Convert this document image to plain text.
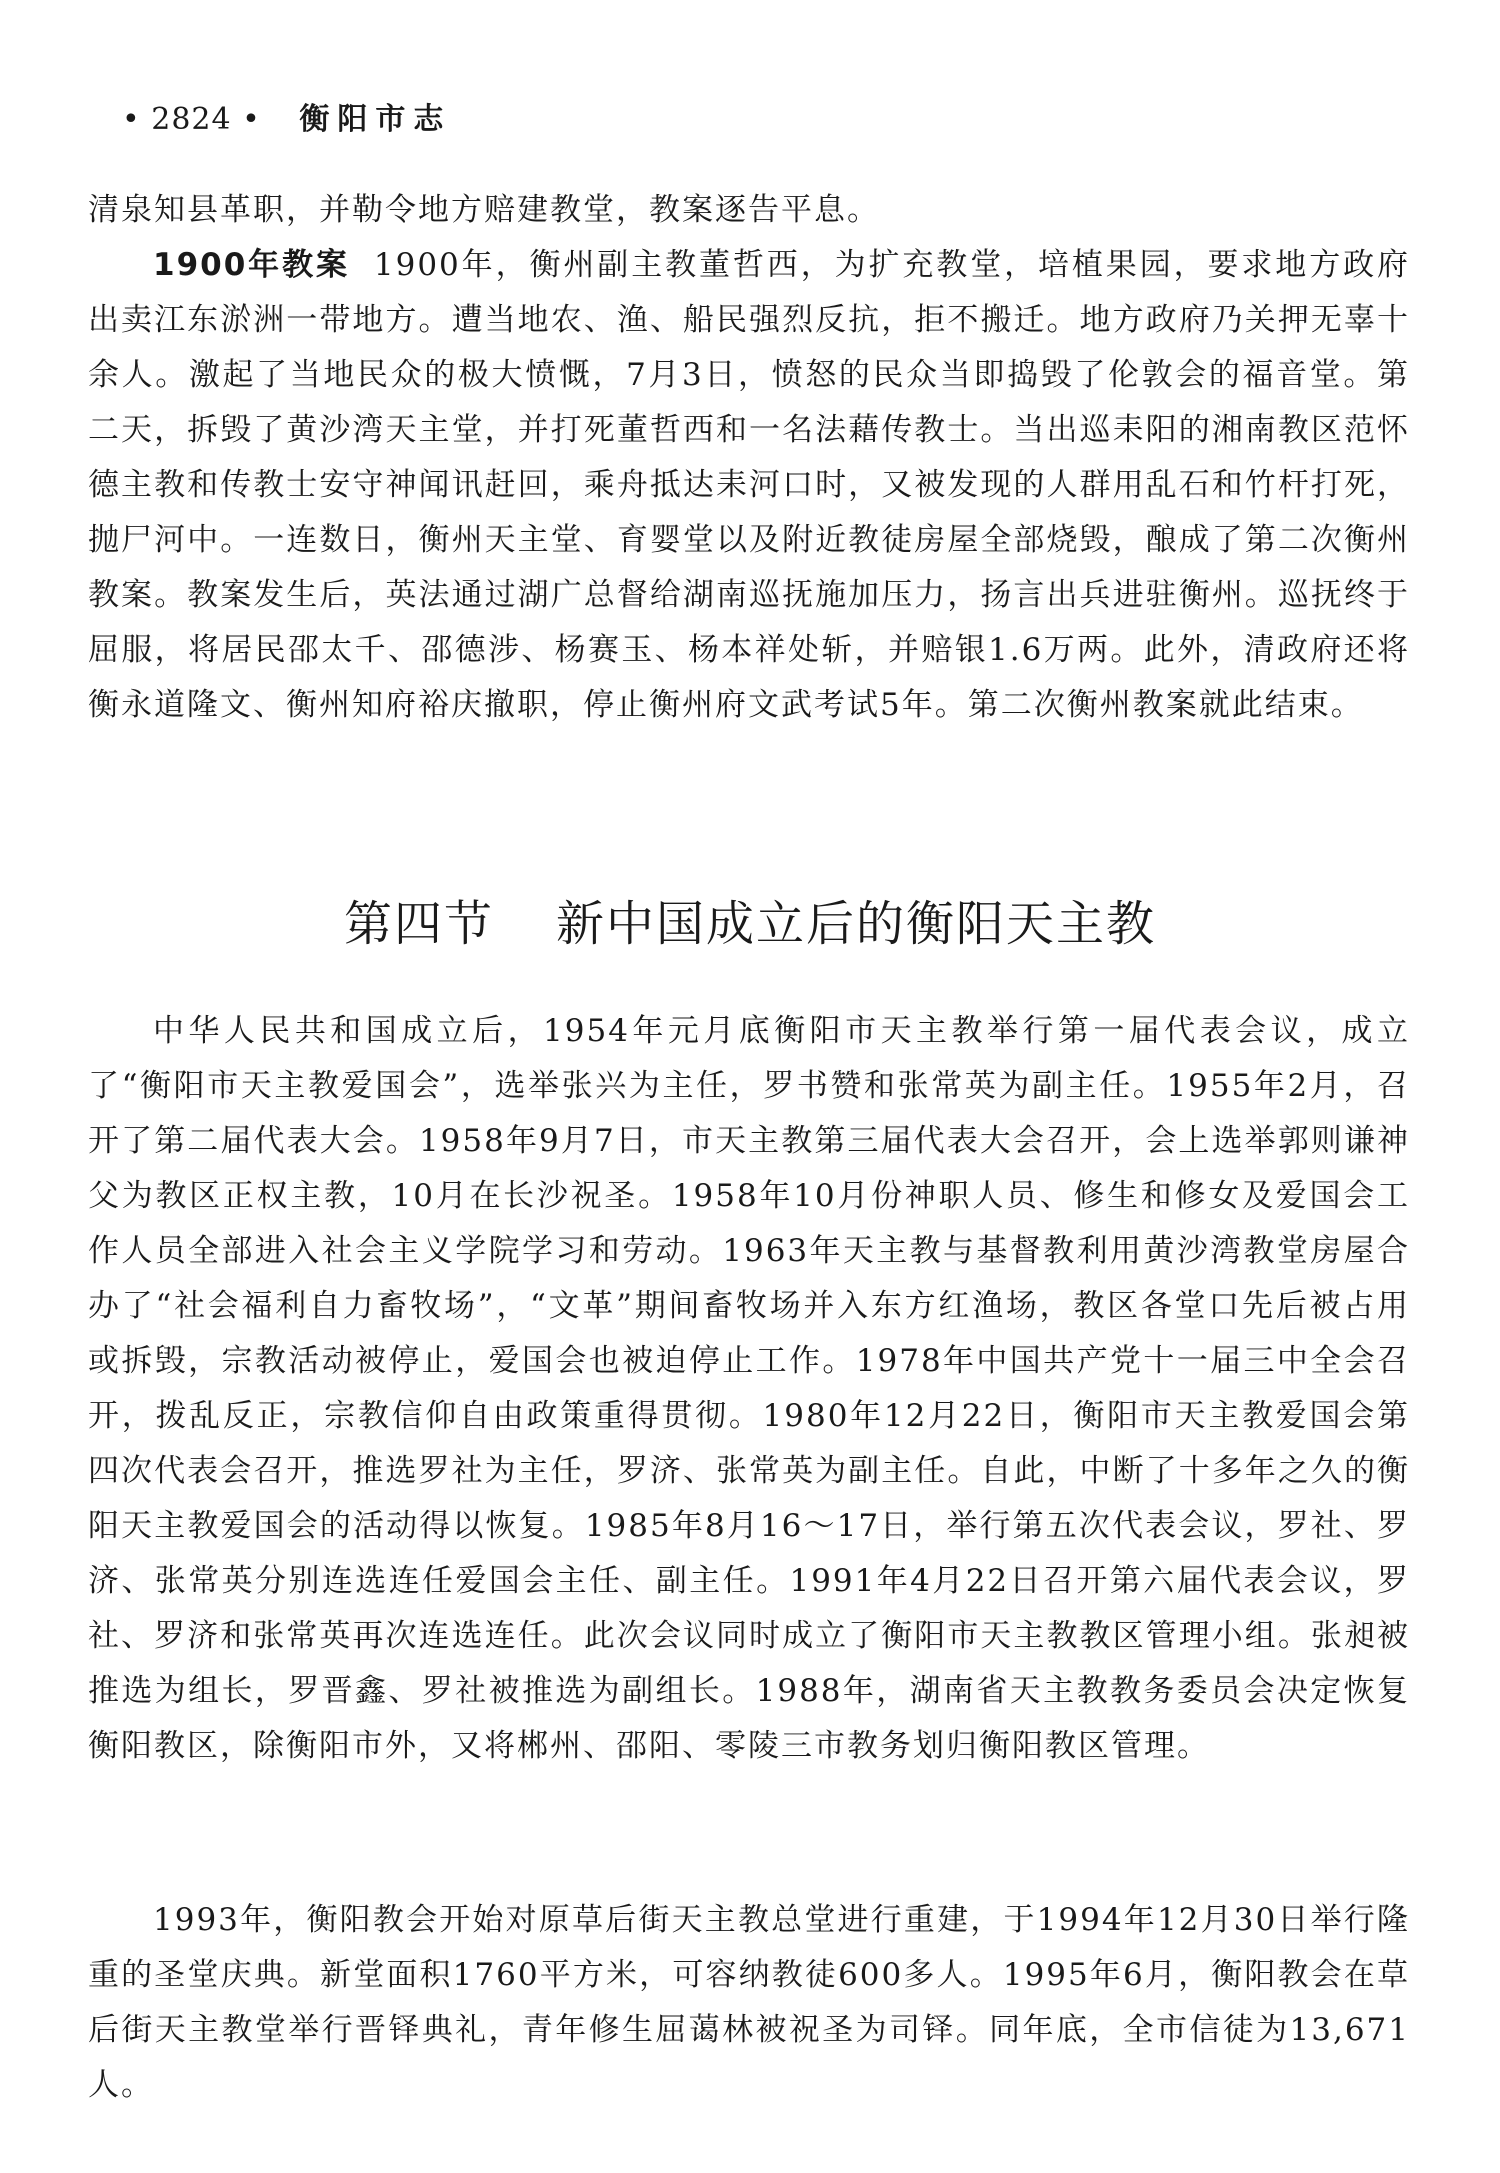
• 2824 • 衡阳市志

清泉知县革职，并勒令地方赔建教堂，教案逐告平息。

1900年教案 1900年，衡州副主教董哲西，为扩充教堂，培植果园，要求地方政府出卖江东淤洲一带地方。遭当地农、渔、船民强烈反抗，拒不搬迁。地方政府乃关押无辜十余人。激起了当地民众的极大愤慨，7月3日，愤怒的民众当即捣毁了伦敦会的福音堂。第二天，拆毁了黄沙湾天主堂，并打死董哲西和一名法藉传教士。当出巡耒阳的湘南教区范怀德主教和传教士安守神闻讯赶回，乘舟抵达耒河口时，又被发现的人群用乱石和竹杆打死，抛尸河中。一连数日，衡州天主堂、育婴堂以及附近教徒房屋全部烧毁，酿成了第二次衡州教案。教案发生后，英法通过湖广总督给湖南巡抚施加压力，扬言出兵进驻衡州。巡抚终于屈服，将居民邵太千、邵德涉、杨赛玉、杨本祥处斩，并赔银1.6万两。此外，清政府还将衡永道隆文、衡州知府裕庆撤职，停止衡州府文武考试5年。第二次衡州教案就此结束。

第四节 新中国成立后的衡阳天主教

中华人民共和国成立后，1954年元月底衡阳市天主教举行第一届代表会议，成立了“衡阳市天主教爱国会”，选举张兴为主任，罗书赞和张常英为副主任。1955年2月，召开了第二届代表大会。1958年9月7日，市天主教第三届代表大会召开，会上选举郭则谦神父为教区正权主教，10月在长沙祝圣。1958年10月份神职人员、修生和修女及爱国会工作人员全部进入社会主义学院学习和劳动。1963年天主教与基督教利用黄沙湾教堂房屋合办了“社会福利自力畜牧场”，“文革”期间畜牧场并入东方红渔场，教区各堂口先后被占用或拆毁，宗教活动被停止，爱国会也被迫停止工作。1978年中国共产党十一届三中全会召开，拨乱反正，宗教信仰自由政策重得贯彻。1980年12月22日，衡阳市天主教爱国会第四次代表会召开，推选罗社为主任，罗济、张常英为副主任。自此，中断了十多年之久的衡阳天主教爱国会的活动得以恢复。1985年8月16～17日，举行第五次代表会议，罗社、罗济、张常英分别连选连任爱国会主任、副主任。1991年4月22日召开第六届代表会议，罗社、罗济和张常英再次连选连任。此次会议同时成立了衡阳市天主教教区管理小组。张昶被推选为组长，罗晋鑫、罗社被推选为副组长。1988年，湖南省天主教教务委员会决定恢复衡阳教区，除衡阳市外，又将郴州、邵阳、零陵三市教务划归衡阳教区管理。

1993年，衡阳教会开始对原草后街天主教总堂进行重建，于1994年12月30日举行隆重的圣堂庆典。新堂面积1760平方米，可容纳教徒600多人。1995年6月，衡阳教会在草后街天主教堂举行晋铎典礼，青年修生屈蔼林被祝圣为司铎。同年底，全市信徒为13,671人。
